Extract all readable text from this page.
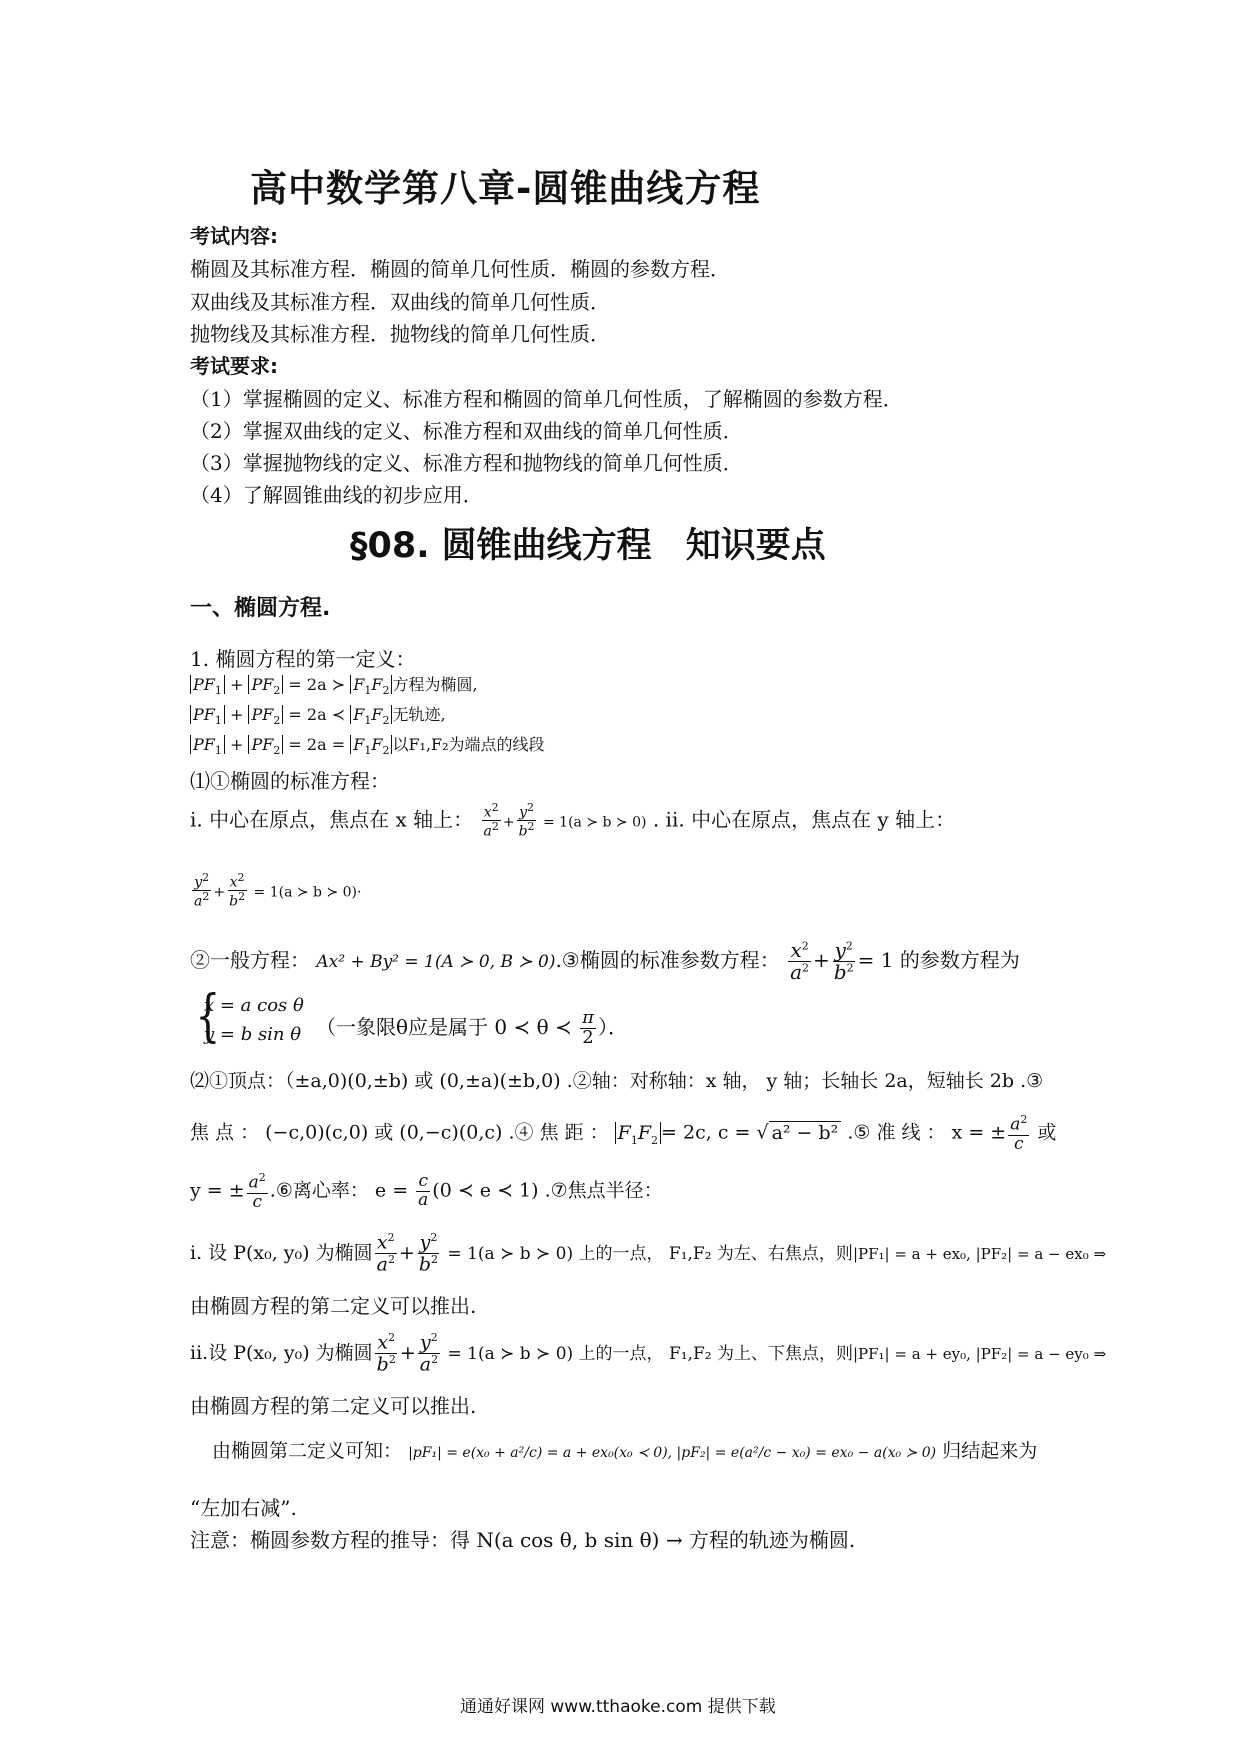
高中数学第八章-圆锥曲线方程
考试内容:
椭圆及其标准方程．椭圆的简单几何性质．椭圆的参数方程．
双曲线及其标准方程．双曲线的简单几何性质．
抛物线及其标准方程．抛物线的简单几何性质．
考试要求:
（1）掌握椭圆的定义、标准方程和椭圆的简单几何性质，了解椭圆的参数方程．
（2）掌握双曲线的定义、标准方程和双曲线的简单几何性质．
（3）掌握抛物线的定义、标准方程和抛物线的简单几何性质．
（4）了解圆锥曲线的初步应用．
§08. 圆锥曲线方程 知识要点
一、椭圆方程.
1. 椭圆方程的第一定义：
$PF_1 + PF_2 = 2a$ ≻ $F_1F_2$ 方程为椭圆,
$PF_1 + PF_2 = 2a$ ≺ $F_1F_2$ 无轨迹,
$PF_1 + PF_2 = 2a = F_1F_2$ 以F₁,F₂为端点的线段
⑴①椭圆的标准方程：
i. 中心在原点，焦点在 x 轴上： $\frac{x^2}{a^2} + \frac{y^2}{b^2} = 1(a$ ≻ b ≻ 0) . ii. 中心在原点，焦点在 y 轴上：
$\frac{y^2}{a^2} + \frac{x^2}{b^2} = 1(a$ ≻ b ≻ 0)·
②一般方程： Ax² + By² = 1(A ≻ 0, B ≻ 0).③椭圆的标准参数方程： $\frac{x^2}{a^2} + \frac{y^2}{b^2} = 1$ 的参数方程为
{
x = a cos θ
y = b sin θ （一象限θ应是属于 0 ≺ θ ≺ $\frac{\pi}{2}$ ）．
⑵①顶点：（±a,0)(0,±b) 或 (0,±a)(±b,0) .②轴：对称轴：x 轴， y 轴；长轴长 2a，短轴长 2b .③
焦 点 ： (−c,0)(c,0) 或 (0,−c)(0,c) .④ 焦 距 ： $F_1F_2 = 2c$, c = √ a² − b² .⑤ 准 线 ： x = ± $\frac{a^2}{c}$ 或
y = ± $\frac{a^2}{c}$ .⑥离心率： $e = \frac{c}{a} (0$ ≺ e ≺ 1) .⑦焦点半径：
i. 设 P(x₀, y₀) 为椭圆 $\frac{x^2}{a^2} + \frac{y^2}{b^2} = 1(a$ ≻ b ≻ 0) 上的一点， F₁,F₂ 为左、右焦点，则|PF₁| = a + ex₀, |PF₂| = a − ex₀ ⇒
由椭圆方程的第二定义可以推出.
ii.设 P(x₀, y₀) 为椭圆 $\frac{x^2}{b^2} + \frac{y^2}{a^2} = 1(a$ ≻ b ≻ 0) 上的一点， F₁,F₂ 为上、下焦点，则|PF₁| = a + ey₀, |PF₂| = a − ey₀ ⇒
由椭圆方程的第二定义可以推出.
由椭圆第二定义可知： |pF₁| = e(x₀ + a²/c) = a + ex₀(x₀ ≺ 0), |pF₂| = e(a²/c − x₀) = ex₀ − a(x₀ ≻ 0) 归结起来为
“左加右减”.
注意：椭圆参数方程的推导：得 N(a cos θ, b sin θ) → 方程的轨迹为椭圆.
通通好课网 www.tthaoke.com 提供下载
